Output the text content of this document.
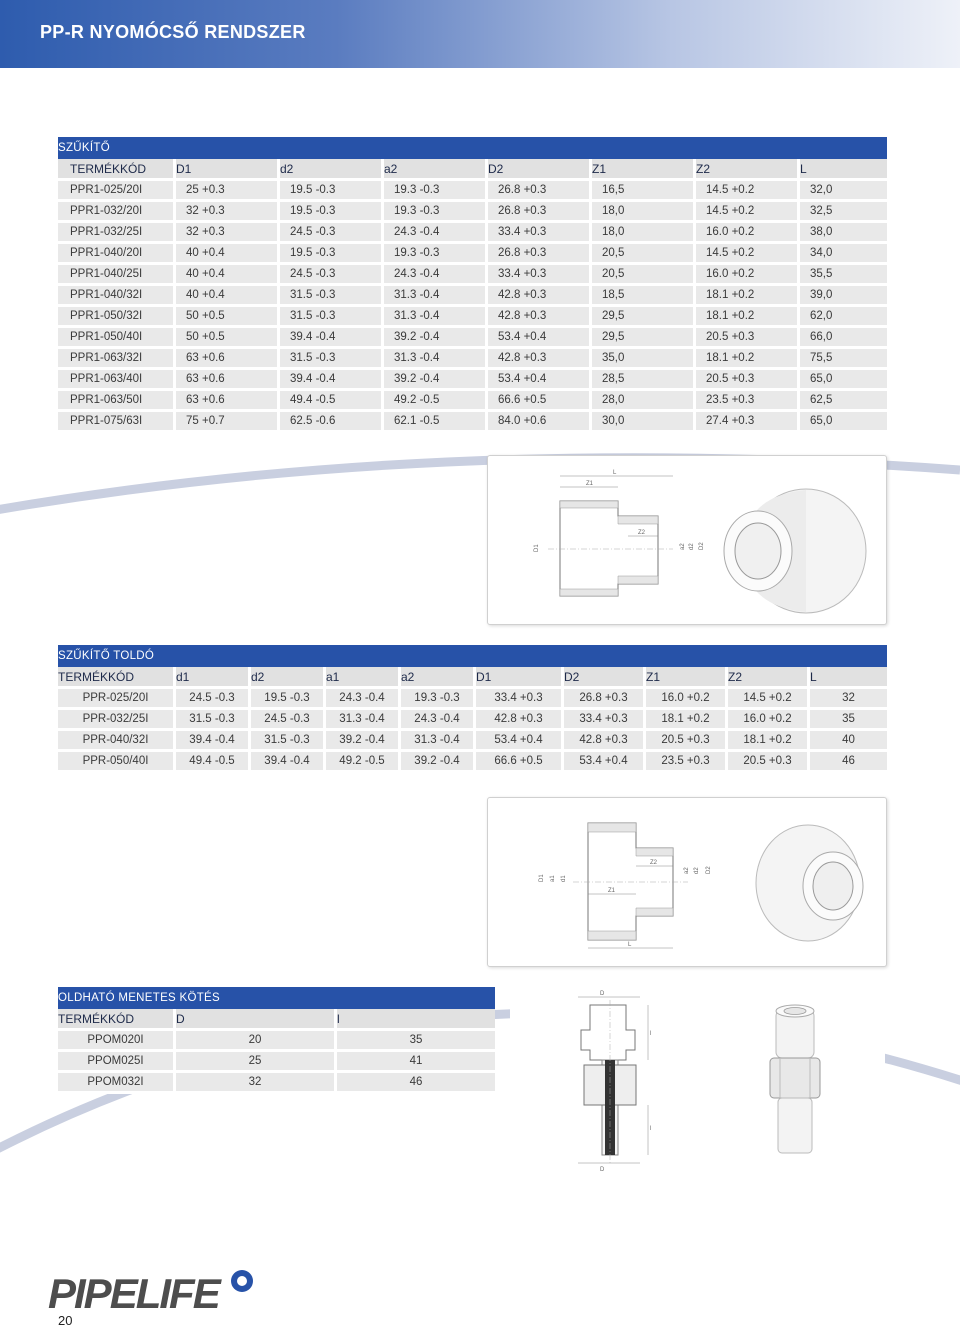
PP-R NYOMÓCSŐ RENDSZER
SZŰKÍTŐ							
TERMÉKKÓD	D1	d2	a2	D2	Z1	Z2	L
PPR1-025/20I	25 +0.3	19.5 -0.3	19.3 -0.3	26.8 +0.3	16,5	14.5 +0.2	32,0
PPR1-032/20I	32 +0.3	19.5 -0.3	19.3 -0.3	26.8 +0.3	18,0	14.5 +0.2	32,5
PPR1-032/25I	32 +0.3	24.5 -0.3	24.3 -0.4	33.4 +0.3	18,0	16.0 +0.2	38,0
PPR1-040/20I	40 +0.4	19.5 -0.3	19.3 -0.3	26.8 +0.3	20,5	14.5 +0.2	34,0
PPR1-040/25I	40 +0.4	24.5 -0.3	24.3 -0.4	33.4 +0.3	20,5	16.0 +0.2	35,5
PPR1-040/32I	40 +0.4	31.5 -0.3	31.3 -0.4	42.8 +0.3	18,5	18.1 +0.2	39,0
PPR1-050/32I	50 +0.5	31.5 -0.3	31.3 -0.4	42.8 +0.3	29,5	18.1 +0.2	62,0
PPR1-050/40I	50 +0.5	39.4 -0.4	39.2 -0.4	53.4 +0.4	29,5	20.5 +0.3	66,0
PPR1-063/32I	63 +0.6	31.5 -0.3	31.3 -0.4	42.8 +0.3	35,0	18.1 +0.2	75,5
PPR1-063/40I	63 +0.6	39.4 -0.4	39.2 -0.4	53.4 +0.4	28,5	20.5 +0.3	65,0
PPR1-063/50I	63 +0.6	49.4 -0.5	49.2 -0.5	66.6 +0.5	28,0	23.5 +0.3	62,5
PPR1-075/63I	75 +0.7	62.5 -0.6	62.1 -0.5	84.0 +0.6	30,0	27.4 +0.3	65,0
L
Z1
Z2
D1	a2 d2 D2
SZŰKÍTŐ TOLDÓ									
TERMÉKKÓD	d1	d2	a1	a2	D1	D2	Z1	Z2	L
PPR-025/20I	24.5 -0.3	19.5 -0.3	24.3 -0.4	19.3 -0.3	33.4 +0.3	26.8 +0.3	16.0 +0.2	14.5 +0.2	32
PPR-032/25I	31.5 -0.3	24.5 -0.3	31.3 -0.4	24.3 -0.4	42.8 +0.3	33.4 +0.3	18.1 +0.2	16.0 +0.2	35
PPR-040/32I	39.4 -0.4	31.5 -0.3	39.2 -0.4	31.3 -0.4	53.4 +0.4	42.8 +0.3	20.5 +0.3	18.1 +0.2	40
PPR-050/40I	49.4 -0.5	39.4 -0.4	49.2 -0.5	39.2 -0.4	66.6 +0.5	53.4 +0.4	23.5 +0.3	20.5 +0.3	46
Z1
Z2
D1 a1 d1
a2 d2 D2
L
OLDHATÓ MENETES KÖTÉS		
TERMÉKKÓD	D	l
PPOM020I	20	35
PPOM025I	25	41
PPOM032I	32	46
D
l
l
D
PIPELIFE
20
